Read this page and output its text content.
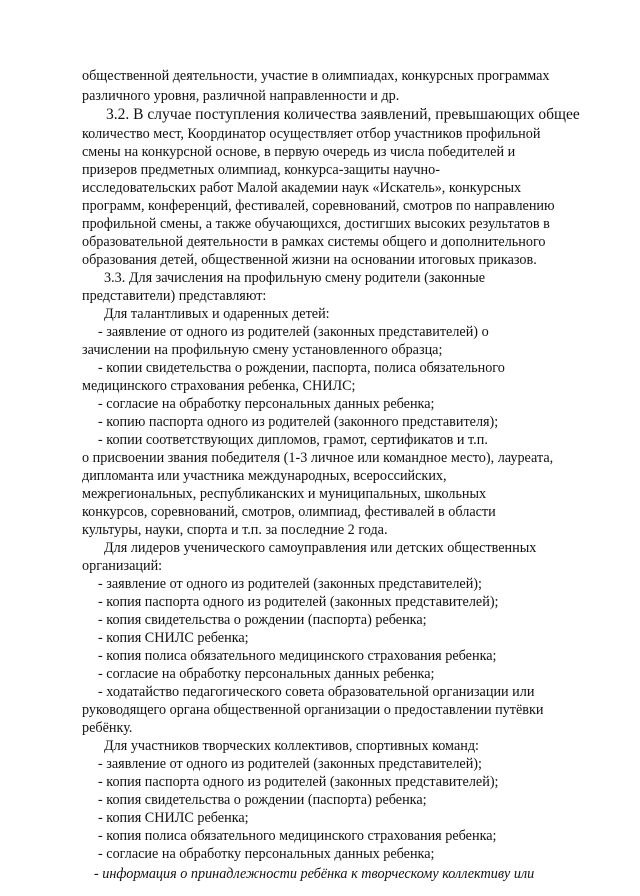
общественной деятельности, участие в олимпиадах, конкурсных программах
различного уровня, различной направленности и др.
3.2. В случае поступления количества заявлений, превышающих общее
количество мест, Координатор осуществляет отбор участников профильной
смены на конкурсной основе, в первую очередь из числа победителей и
призеров предметных олимпиад, конкурса-защиты научно-
исследовательских работ Малой академии наук «Искатель», конкурсных
программ, конференций, фестивалей, соревнований, смотров по направлению
профильной смены, а также обучающихся, достигших высоких результатов в
образовательной деятельности в рамках системы общего и дополнительного
образования детей, общественной жизни на основании итоговых приказов.
3.3. Для зачисления на профильную смену родители (законные
представители) представляют:
Для талантливых и одаренных детей:
- заявление от одного из родителей (законных представителей) о
зачислении на профильную смену установленного образца;
- копии свидетельства о рождении, паспорта, полиса обязательного
медицинского страхования ребенка, СНИЛС;
- согласие на обработку персональных данных ребенка;
- копию паспорта одного из родителей (законного представителя);
- копии соответствующих дипломов, грамот, сертификатов и т.п.
о присвоении звания победителя (1-3 личное или командное место), лауреата,
дипломанта или участника международных, всероссийских,
межрегиональных, республиканских и муниципальных, школьных
конкурсов, соревнований, смотров, олимпиад, фестивалей в области
культуры, науки, спорта и т.п. за последние 2 года.
Для лидеров ученического самоуправления или детских общественных
организаций:
- заявление от одного из родителей (законных представителей);
- копия паспорта одного из родителей (законных представителей);
- копия свидетельства о рождении (паспорта) ребенка;
- копия СНИЛС ребенка;
- копия полиса обязательного медицинского страхования ребенка;
- согласие на обработку персональных данных ребенка;
- ходатайство педагогического совета образовательной организации или
руководящего органа общественной организации о предоставлении путёвки
ребёнку.
Для участников творческих коллективов, спортивных команд:
- заявление от одного из родителей (законных представителей);
- копия паспорта одного из родителей (законных представителей);
- копия свидетельства о рождении (паспорта) ребенка;
- копия СНИЛС ребенка;
- копия полиса обязательного медицинского страхования ребенка;
- согласие на обработку персональных данных ребенка;
- информация о принадлежности ребёнка к творческому коллективу или
